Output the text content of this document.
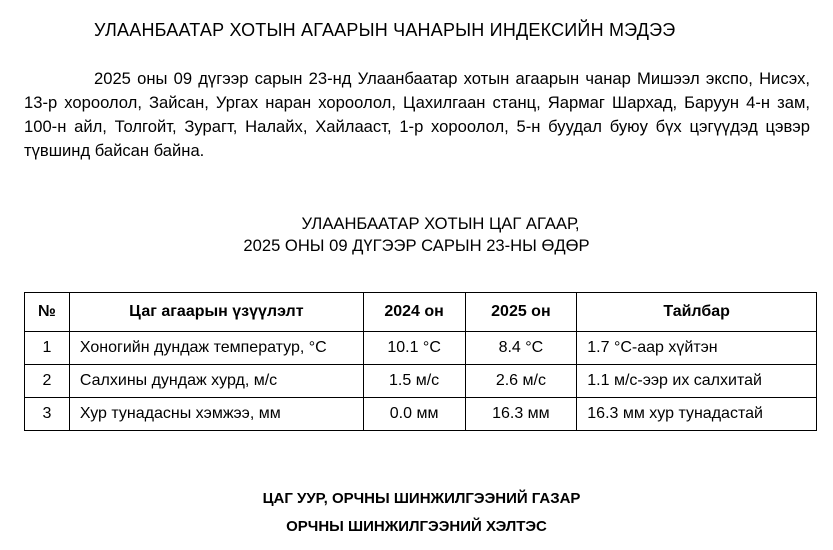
УЛААНБААТАР ХОТЫН АГААРЫН ЧАНАРЫН ИНДЕКСИЙН МЭДЭЭ
2025 оны 09 дүгээр сарын 23-нд Улаанбаатар хотын агаарын чанар Мишээл экспо, Нисэх, 13-р хороолол, Зайсан, Ургах наран хороолол, Цахилгаан станц, Яармаг Шархад, Баруун 4-н зам, 100-н айл, Толгойт, Зурагт, Налайх, Хайлааст, 1-р хороолол, 5-н буудал буюу бүх цэгүүдэд цэвэр түвшинд байсан байна.
УЛААНБААТАР ХОТЫН ЦАГ АГААР,
2025 ОНЫ 09 ДҮГЭЭР САРЫН 23-НЫ ӨДӨР
№	Цаг агаарын үзүүлэлт	2024 он	2025 он	Тайлбар
1	Хоногийн дундаж температур, °С	10.1 °С	8.4 °С	1.7 °С-аар хүйтэн
2	Салхины дундаж хурд, м/с	1.5 м/с	2.6 м/с	1.1 м/с-ээр их салхитай
3	Хур тунадасны хэмжээ, мм	0.0 мм	16.3 мм	16.3 мм хур тунадастай
ЦАГ УУР, ОРЧНЫ ШИНЖИЛГЭЭНИЙ ГАЗАР
ОРЧНЫ ШИНЖИЛГЭЭНИЙ ХЭЛТЭС
